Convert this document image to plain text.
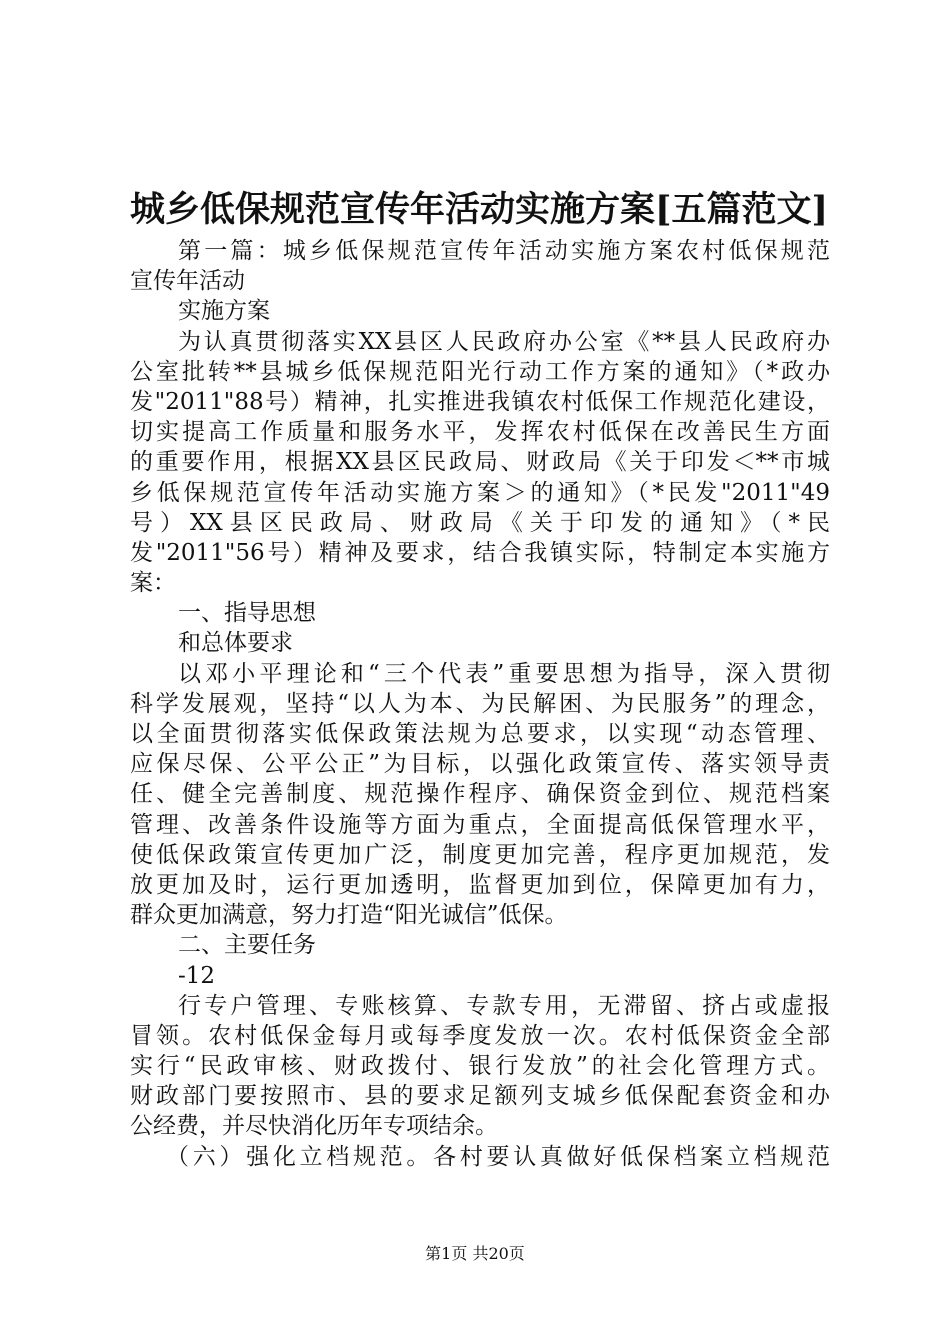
城乡低保规范宣传年活动实施方案[五篇范文]
第一篇：城乡低保规范宣传年活动实施方案农村低保规范
宣传年活动
实施方案
为认真贯彻落实XX县区人民政府办公室《**县人民政府办
公室批转**县城乡低保规范阳光行动工作方案的通知》（*政办
发"2011"88号）精神，扎实推进我镇农村低保工作规范化建设，
切实提高工作质量和服务水平，发挥农村低保在改善民生方面
的重要作用，根据XX县区民政局、财政局《关于印发＜**市城
乡低保规范宣传年活动实施方案＞的通知》（*民发"2011"49
号）XX县区民政局、财政局《关于印发的通知》（*民
发"2011"56号）精神及要求，结合我镇实际，特制定本实施方
案：
一、指导思想
和总体要求
以邓小平理论和“三个代表”重要思想为指导，深入贯彻
科学发展观，坚持“以人为本、为民解困、为民服务”的理念，
以全面贯彻落实低保政策法规为总要求，以实现“动态管理、
应保尽保、公平公正”为目标，以强化政策宣传、落实领导责
任、健全完善制度、规范操作程序、确保资金到位、规范档案
管理、改善条件设施等方面为重点，全面提高低保管理水平，
使低保政策宣传更加广泛，制度更加完善，程序更加规范，发
放更加及时，运行更加透明，监督更加到位，保障更加有力，
群众更加满意，努力打造“阳光诚信”低保。
二、主要任务
-12
行专户管理、专账核算、专款专用，无滞留、挤占或虚报
冒领。农村低保金每月或每季度发放一次。农村低保资金全部
实行“民政审核、财政拨付、银行发放”的社会化管理方式。
财政部门要按照市、县的要求足额列支城乡低保配套资金和办
公经费，并尽快消化历年专项结余。
（六）强化立档规范。各村要认真做好低保档案立档规范
第1页 共20页
